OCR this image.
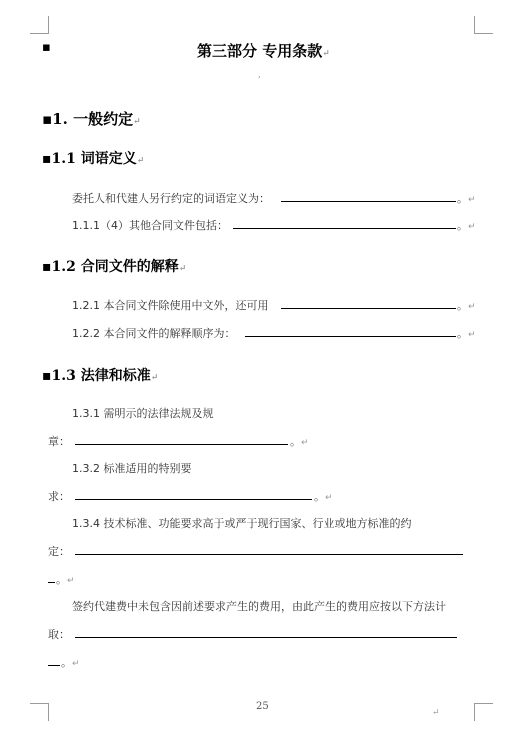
▪	第三部分 专用条款↵
,
▪1. 一般约定↵
▪1.1 词语定义↵
委托人和代建人另行约定的词语定义为：	。↵
1.1.1（4）其他合同文件包括：	。↵
▪1.2 合同文件的解释↵
1.2.1 本合同文件除使用中文外，还可用	。↵
1.2.2 本合同文件的解释顺序为：	。↵
▪1.3 法律和标准↵
1.3.1 需明示的法律法规及规
章：	。↵
1.3.2 标准适用的特别要
求：	。↵
1.3.4 技术标准、功能要求高于或严于现行国家、行业或地方标准的约
定：
。↵
签约代建费中未包含因前述要求产生的费用，由此产生的费用应按以下方法计
取：
。↵
25
↵
